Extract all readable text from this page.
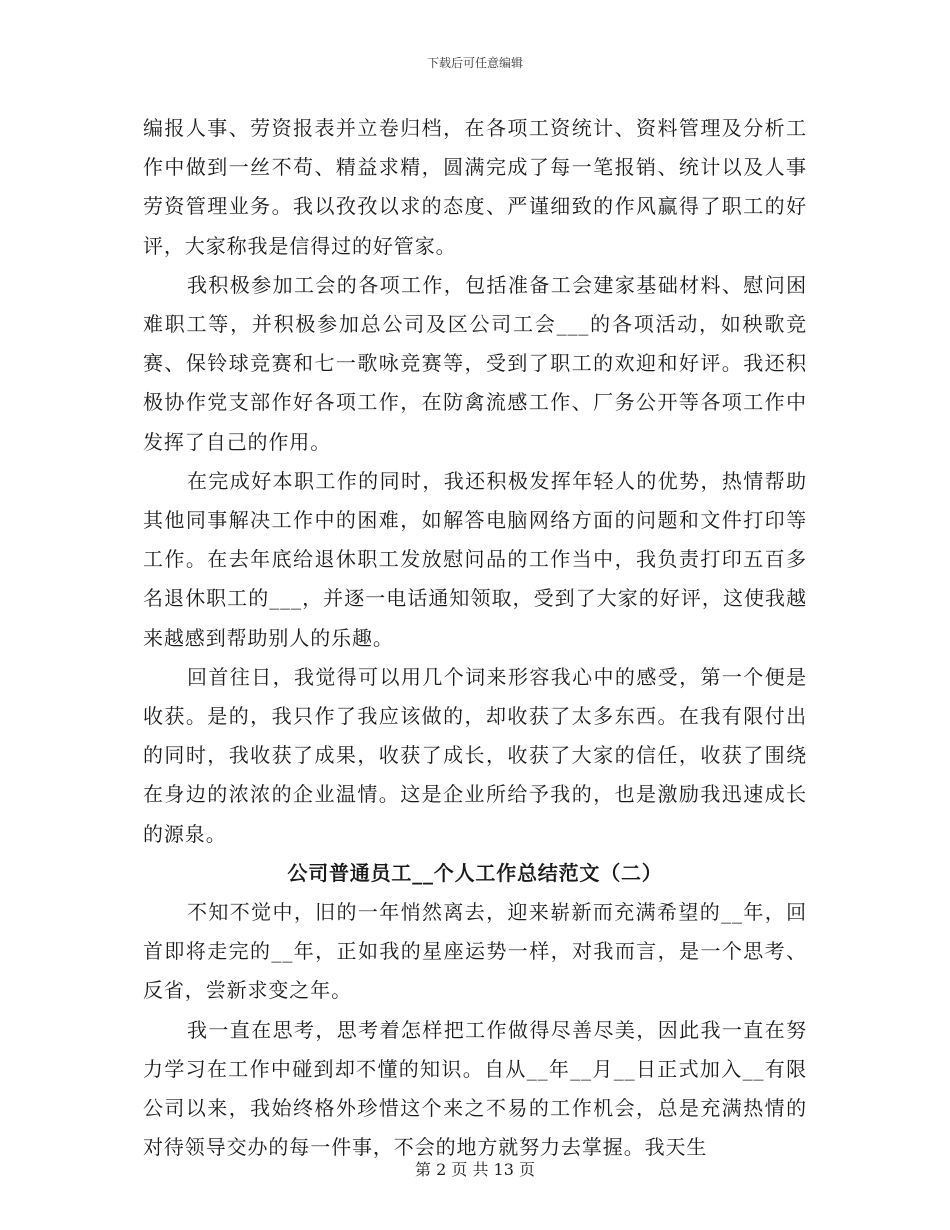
下载后可任意编辑

编报人事、劳资报表并立卷归档，在各项工资统计、资料管理及分析工作中做到一丝不苟、精益求精，圆满完成了每一笔报销、统计以及人事劳资管理业务。我以孜孜以求的态度、严谨细致的作风赢得了职工的好评，大家称我是信得过的好管家。

我积极参加工会的各项工作，包括准备工会建家基础材料、慰问困难职工等，并积极参加总公司及区公司工会___的各项活动，如秧歌竞赛、保铃球竞赛和七一歌咏竞赛等，受到了职工的欢迎和好评。我还积极协作党支部作好各项工作，在防禽流感工作、厂务公开等各项工作中发挥了自己的作用。

在完成好本职工作的同时，我还积极发挥年轻人的优势，热情帮助其他同事解决工作中的困难，如解答电脑网络方面的问题和文件打印等工作。在去年底给退休职工发放慰问品的工作当中，我负责打印五百多名退休职工的___，并逐一电话通知领取，受到了大家的好评，这使我越来越感到帮助别人的乐趣。

回首往日，我觉得可以用几个词来形容我心中的感受，第一个便是收获。是的，我只作了我应该做的，却收获了太多东西。在我有限付出的同时，我收获了成果，收获了成长，收获了大家的信任，收获了围绕在身边的浓浓的企业温情。这是企业所给予我的，也是激励我迅速成长的源泉。

公司普通员工__个人工作总结范文（二）

不知不觉中，旧的一年悄然离去，迎来崭新而充满希望的__年，回首即将走完的__年，正如我的星座运势一样，对我而言，是一个思考、反省，尝新求变之年。

我一直在思考，思考着怎样把工作做得尽善尽美，因此我一直在努力学习在工作中碰到却不懂的知识。自从__年__月__日正式加入__有限公司以来，我始终格外珍惜这个来之不易的工作机会，总是充满热情的对待领导交办的每一件事，不会的地方就努力去掌握。我天生

第 2 页 共 13 页
